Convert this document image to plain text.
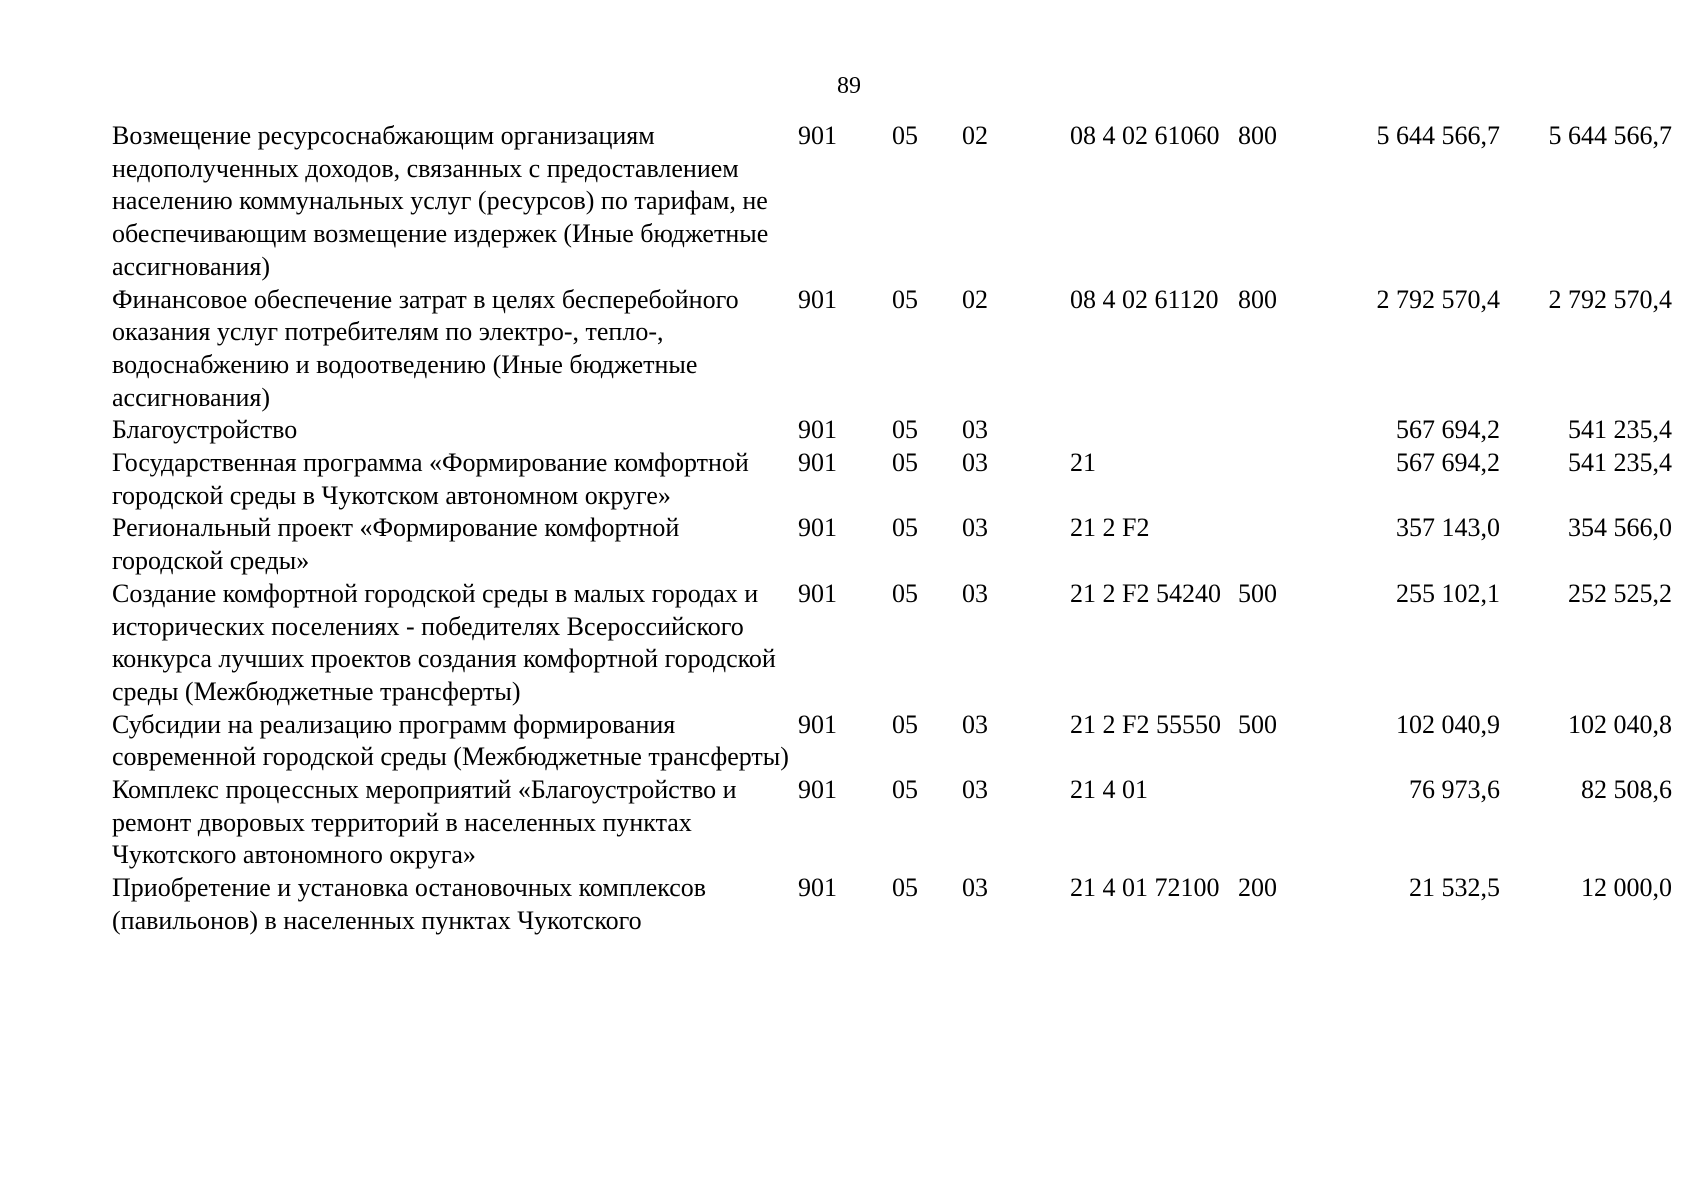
89
Возмещение ресурсоснабжающим организациям недополученных доходов, связанных с предоставлением населению коммунальных услуг (ресурсов) по тарифам, не обеспечивающим возмещение издержек (Иные бюджетные ассигнования)	901	05	02	08 4 02 61060	800	5 644 566,7	5 644 566,7
Финансовое обеспечение затрат в целях бесперебойного оказания услуг потребителям по электро-, тепло-, водоснабжению и водоотведению (Иные бюджетные ассигнования)	901	05	02	08 4 02 61120	800	2 792 570,4	2 792 570,4
Благоустройство	901	05	03			567 694,2	541 235,4
Государственная программа «Формирование комфортной городской среды в Чукотском автономном округе»	901	05	03	21		567 694,2	541 235,4
Региональный проект «Формирование комфортной городской среды»	901	05	03	21 2 F2		357 143,0	354 566,0
Создание комфортной городской среды в малых городах и исторических поселениях - победителях Всероссийского конкурса лучших проектов создания комфортной городской среды (Межбюджетные трансферты)	901	05	03	21 2 F2 54240	500	255 102,1	252 525,2
Субсидии на реализацию программ формирования современной городской среды (Межбюджетные трансферты)	901	05	03	21 2 F2 55550	500	102 040,9	102 040,8
Комплекс процессных мероприятий «Благоустройство и ремонт дворовых территорий в населенных пунктах Чукотского автономного округа»	901	05	03	21 4 01		76 973,6	82 508,6
Приобретение и установка остановочных комплексов (павильонов) в населенных пунктах Чукотского	901	05	03	21 4 01 72100	200	21 532,5	12 000,0
